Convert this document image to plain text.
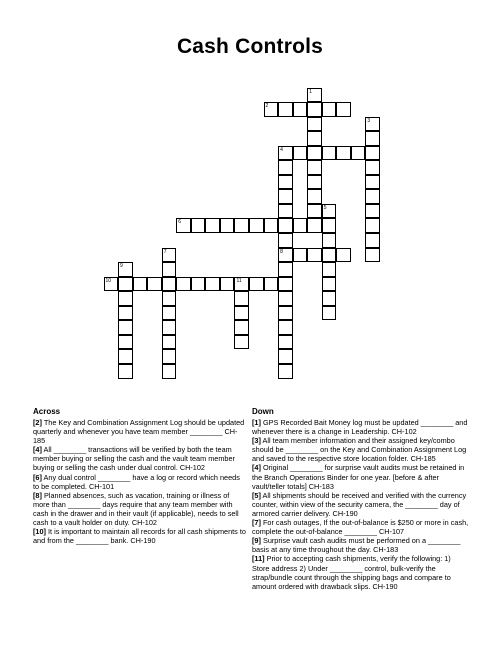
Cash Controls
1
2
3
4
8
5
6
7
9
10	11
Across

[2] The Key and Combination Assignment Log should be updated quarterly and whenever you have team member ________ CH-185

[4] All ________ transactions will be verified by both the team member buying or selling the cash and the vault team member buying or selling the cash under dual control. CH-102

[6] Any dual control ________ have a log or record which needs to be completed. CH-101

[8] Planned absences, such as vacation, training or illness of more than ________ days require that any team member with cash in the drawer and in their vault (if applicable), needs to sell cash to a vault holder on duty. CH-102

[10] It is important to maintain all records for all cash shipments to and from the ________ bank. CH-190

Down

[1] GPS Recorded Bait Money log must be updated ________ and whenever there is a change in Leadership. CH-102

[3] All team member information and their assigned key/combo should be ________ on the Key and Combination Assignment Log and saved to the respective store location folder. CH-185

[4] Original ________ for surprise vault audits must be retained in the Branch Operations Binder for one year. [before & after vault/teller totals] CH-183

[5] All shipments should be received and verified with the currency counter, within view of the security camera, the ________ day of armored carrier delivery. CH-190

[7] For cash outages, If the out-of-balance is $250 or more in cash, complete the out-of-balance ________ CH-107

[9] Surprise vault cash audits must be performed on a ________ basis at any time throughout the day. CH-183

[11] Prior to accepting cash shipments, verify the following: 1) Store address 2) Under ________ control, bulk-verify the strap/bundle count through the shipping bags and compare to amount ordered with drawback slips. CH-190
